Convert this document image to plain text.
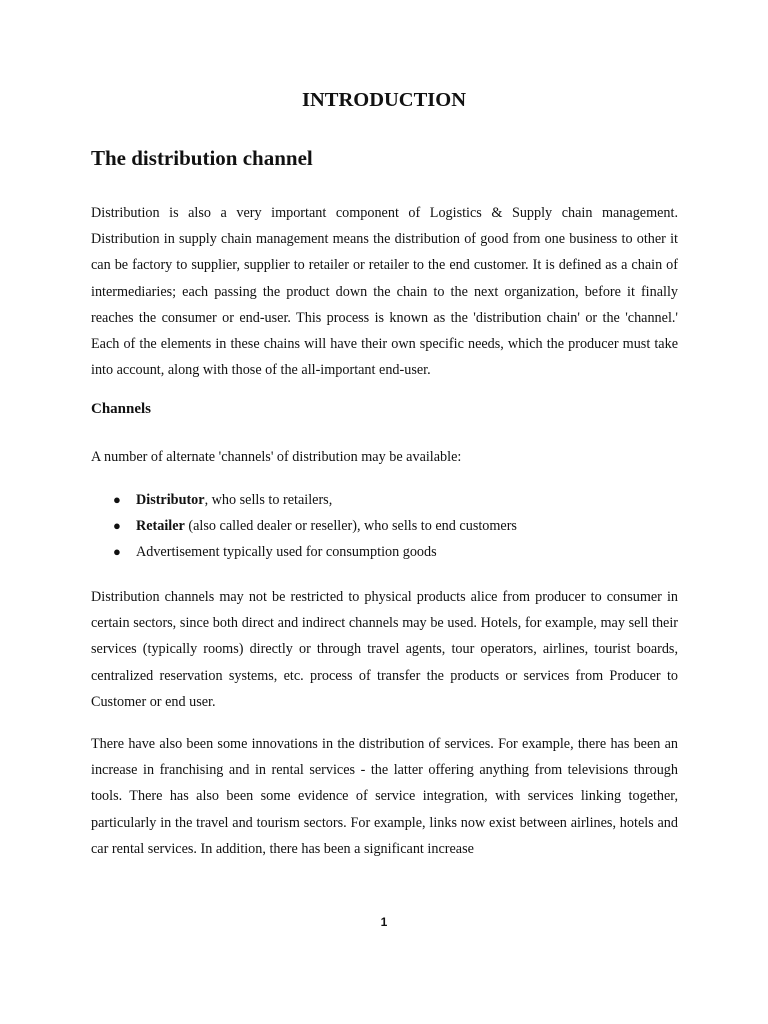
INTRODUCTION
The distribution channel

Distribution is also a very important component of Logistics & Supply chain management. Distribution in supply chain management means the distribution of good from one business to other it can be factory to supplier, supplier to retailer or retailer to the end customer. It is defined as a chain of intermediaries; each passing the product down the chain to the next organization, before it finally reaches the consumer or end-user. This process is known as the 'distribution chain' or the 'channel.' Each of the elements in these chains will have their own specific needs, which the producer must take into account, along with those of the all-important end-user.

Channels

A number of alternate 'channels' of distribution may be available:

● Distributor, who sells to retailers,
● Retailer (also called dealer or reseller), who sells to end customers
● Advertisement typically used for consumption goods

Distribution channels may not be restricted to physical products alice from producer to consumer in certain sectors, since both direct and indirect channels may be used. Hotels, for example, may sell their services (typically rooms) directly or through travel agents, tour operators, airlines, tourist boards, centralized reservation systems, etc. process of transfer the products or services from Producer to Customer or end user.

There have also been some innovations in the distribution of services. For example, there has been an increase in franchising and in rental services - the latter offering anything from televisions through tools. There has also been some evidence of service integration, with services linking together, particularly in the travel and tourism sectors. For example, links now exist between airlines, hotels and car rental services. In addition, there has been a significant increase

1
